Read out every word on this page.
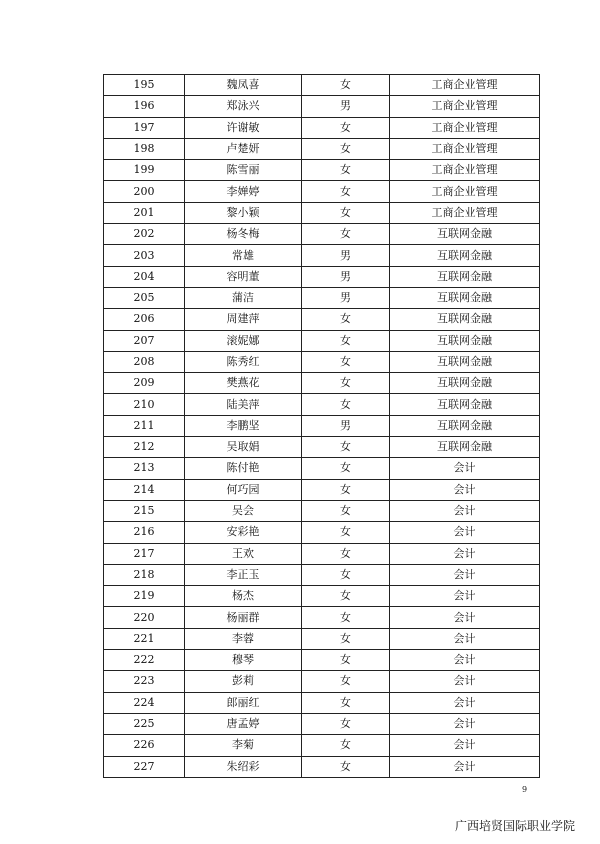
195	魏凤喜	女	工商企业管理
196	郑泳兴	男	工商企业管理
197	许谢敏	女	工商企业管理
198	卢楚妍	女	工商企业管理
199	陈雪丽	女	工商企业管理
200	李婵婷	女	工商企业管理
201	黎小颖	女	工商企业管理
202	杨冬梅	女	互联网金融
203	常雄	男	互联网金融
204	容明董	男	互联网金融
205	蒲洁	男	互联网金融
206	周建萍	女	互联网金融
207	滚妮娜	女	互联网金融
208	陈秀红	女	互联网金融
209	樊燕花	女	互联网金融
210	陆美萍	女	互联网金融
211	李鹏坚	男	互联网金融
212	吴取娟	女	互联网金融
213	陈付艳	女	会计
214	何巧园	女	会计
215	吴会	女	会计
216	安彩艳	女	会计
217	王欢	女	会计
218	李正玉	女	会计
219	杨杰	女	会计
220	杨丽群	女	会计
221	李蓉	女	会计
222	穆琴	女	会计
223	彭莉	女	会计
224	郎丽红	女	会计
225	唐孟婷	女	会计
226	李菊	女	会计
227	朱绍彩	女	会计
9
广西培贤国际职业学院
